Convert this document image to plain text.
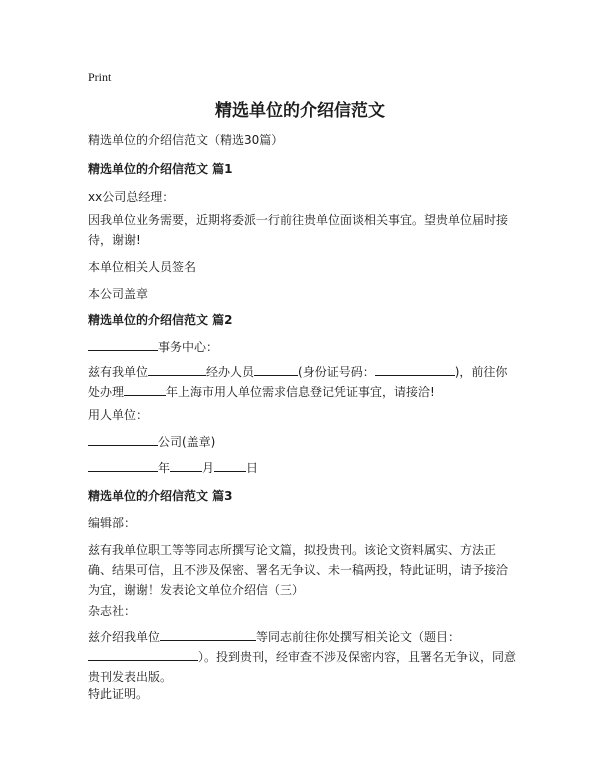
Print
精选单位的介绍信范文
精选单位的介绍信范文（精选30篇）
精选单位的介绍信范文 篇1
xx公司总经理：
因我单位业务需要，近期将委派一行前往贵单位面谈相关事宜。望贵单位届时接待，谢谢!
本单位相关人员签名
本公司盖章
精选单位的介绍信范文 篇2
事务中心：
兹有我单位	经办人员	(身份证号码：	)，前往你
处办理	年上海市用人单位需求信息登记凭证事宜，请接洽!
用人单位：
公司(盖章)
年	月	日
精选单位的介绍信范文 篇3
编辑部：
兹有我单位职工等等同志所撰写论文篇，拟投贵刊。该论文资料属实、方法正确、结果可信，且不涉及保密、署名无争议、未一稿两投，特此证明，请予接洽为宜，谢谢！发表论文单位介绍信（三）
杂志社：
兹介绍我单位	等同志前往你处撰写相关论文（题目：
）。投到贵刊，经审查不涉及保密内容，且署名无争议，同意贵刊发表出版。
特此证明。
